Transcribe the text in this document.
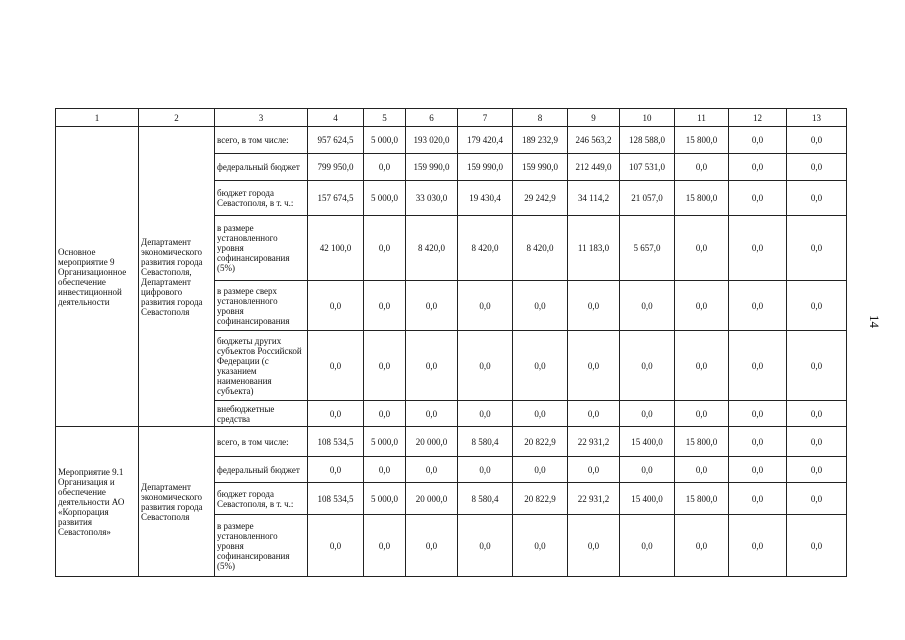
1	2	3	4	5	6	7	8	9	10	11	12	13
Основное мероприятие 9 Организационное обеспечение инвестиционной деятельности	Департамент экономического развития города Севастополя, Департамент цифрового развития города Севастополя	всего, в том числе:	957 624,5	5 000,0	193 020,0	179 420,4	189 232,9	246 563,2	128 588,0	15 800,0	0,0	0,0
		федеральный бюджет	799 950,0	0,0	159 990,0	159 990,0	159 990,0	212 449,0	107 531,0	0,0	0,0	0,0
		бюджет города Севастополя, в т. ч.:	157 674,5	5 000,0	33 030,0	19 430,4	29 242,9	34 114,2	21 057,0	15 800,0	0,0	0,0
		в размере установленного уровня софинансирования (5%)	42 100,0	0,0	8 420,0	8 420,0	8 420,0	11 183,0	5 657,0	0,0	0,0	0,0
		в размере сверх установленного уровня софинансирования	0,0	0,0	0,0	0,0	0,0	0,0	0,0	0,0	0,0	0,0
		бюджеты других субъектов Российской Федерации (с указанием наименования субъекта)	0,0	0,0	0,0	0,0	0,0	0,0	0,0	0,0	0,0	0,0
		внебюджетные средства	0,0	0,0	0,0	0,0	0,0	0,0	0,0	0,0	0,0	0,0
Мероприятие 9.1 Организация и обеспечение деятельности АО «Корпорация развития Севастополя»	Департамент экономического развития города Севастополя	всего, в том числе:	108 534,5	5 000,0	20 000,0	8 580,4	20 822,9	22 931,2	15 400,0	15 800,0	0,0	0,0
		федеральный бюджет	0,0	0,0	0,0	0,0	0,0	0,0	0,0	0,0	0,0	0,0
		бюджет города Севастополя, в т. ч.:	108 534,5	5 000,0	20 000,0	8 580,4	20 822,9	22 931,2	15 400,0	15 800,0	0,0	0,0
		в размере установленного уровня софинансирования (5%)	0,0	0,0	0,0	0,0	0,0	0,0	0,0	0,0	0,0	0,0
14
